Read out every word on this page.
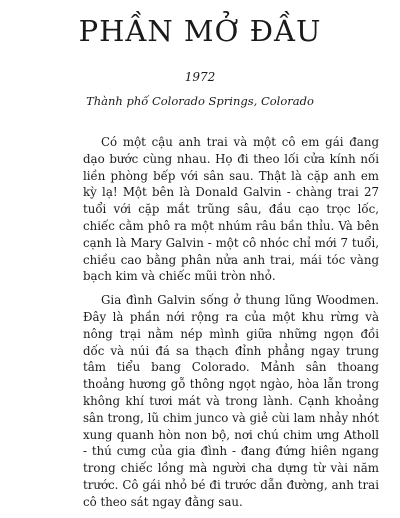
PHẦN MỞ ĐẦU
1972
Thành phố Colorado Springs, Colorado

Có một cậu anh trai và một cô em gái đang dạo bước cùng nhau. Họ đi theo lối cửa kính nối liền phòng bếp với sân sau. Thật là cặp anh em kỳ lạ! Một bên là Donald Galvin - chàng trai 27 tuổi với cặp mắt trũng sâu, đầu cạo trọc lốc, chiếc cằm phô ra một nhúm râu bần thỉu. Và bên cạnh là Mary Galvin - một cô nhóc chỉ mới 7 tuổi, chiều cao bằng phân nửa anh trai, mái tóc vàng bạch kim và chiếc mũi tròn nhỏ.

Gia đình Galvin sống ở thung lũng Woodmen. Đây là phần nới rộng ra của một khu rừng và nông trại nằm nép mình giữa những ngọn đồi dốc và núi đá sa thạch đỉnh phẳng ngay trung tâm tiểu bang Colorado. Mảnh sân thoang thoảng hương gỗ thông ngọt ngào, hòa lẫn trong không khí tươi mát và trong lành. Cạnh khoảng sân trong, lũ chim junco và giẻ cùi lam nhảy nhót xung quanh hòn non bộ, nơi chú chim ưng Atholl - thú cưng của gia đình - đang đứng hiên ngang trong chiếc lồng mà người cha dựng từ vài năm trước. Cô gái nhỏ bé đi trước dẫn đường, anh trai cô theo sát ngay đằng sau.
